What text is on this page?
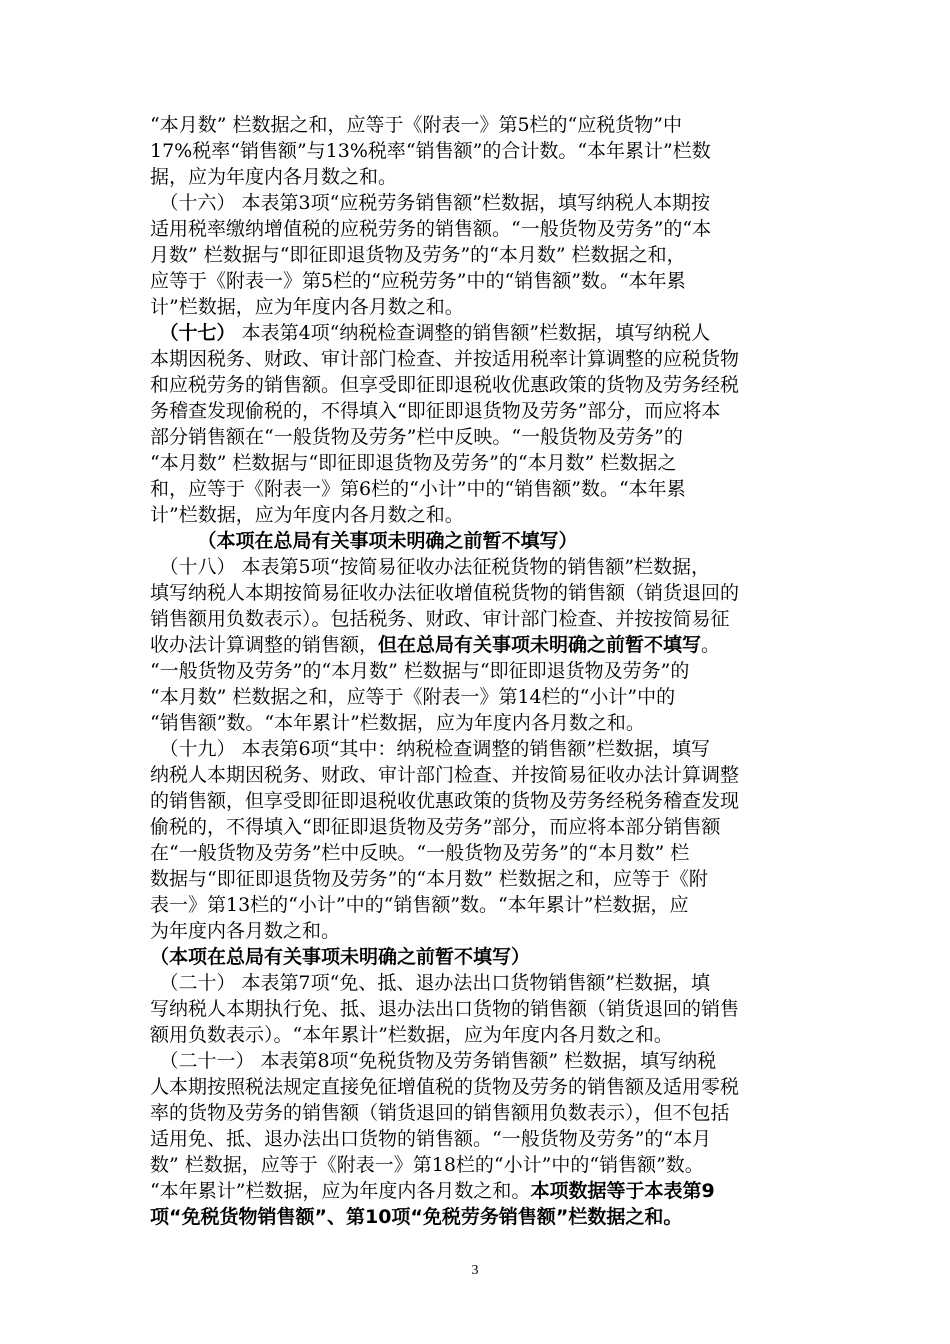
“本月数” 栏数据之和，应等于《附表一》第5栏的“应税货物”中
17%税率“销售额”与13%税率“销售额”的合计数。“本年累计”栏数
据，应为年度内各月数之和。
　（十六） 本表第3项“应税劳务销售额”栏数据，填写纳税人本期按
适用税率缴纳增值税的应税劳务的销售额。“一般货物及劳务”的“本
月数” 栏数据与“即征即退货物及劳务”的“本月数” 栏数据之和，
应等于《附表一》第5栏的“应税劳务”中的“销售额”数。“本年累
计”栏数据，应为年度内各月数之和。
　（十七） 本表第4项“纳税检查调整的销售额”栏数据，填写纳税人
本期因税务、财政、审计部门检查、并按适用税率计算调整的应税货物
和应税劳务的销售额。但享受即征即退税收优惠政策的货物及劳务经税
务稽查发现偷税的，不得填入“即征即退货物及劳务”部分，而应将本
部分销售额在“一般货物及劳务”栏中反映。“一般货物及劳务”的
“本月数” 栏数据与“即征即退货物及劳务”的“本月数” 栏数据之
和，应等于《附表一》第6栏的“小计”中的“销售额”数。“本年累
计”栏数据，应为年度内各月数之和。
　　　（本项在总局有关事项未明确之前暂不填写）
　（十八） 本表第5项“按简易征收办法征税货物的销售额”栏数据，
填写纳税人本期按简易征收办法征收增值税货物的销售额（销货退回的
销售额用负数表示）。包括税务、财政、审计部门检查、并按按简易征
收办法计算调整的销售额，但在总局有关事项未明确之前暂不填写。
“一般货物及劳务”的“本月数” 栏数据与“即征即退货物及劳务”的
“本月数” 栏数据之和，应等于《附表一》第14栏的“小计”中的
“销售额”数。“本年累计”栏数据，应为年度内各月数之和。
　（十九） 本表第6项“其中：纳税检查调整的销售额”栏数据，填写
纳税人本期因税务、财政、审计部门检查、并按简易征收办法计算调整
的销售额，但享受即征即退税收优惠政策的货物及劳务经税务稽查发现
偷税的，不得填入“即征即退货物及劳务”部分，而应将本部分销售额
在“一般货物及劳务”栏中反映。“一般货物及劳务”的“本月数” 栏
数据与“即征即退货物及劳务”的“本月数” 栏数据之和，应等于《附
表一》第13栏的“小计”中的“销售额”数。“本年累计”栏数据，应
为年度内各月数之和。
（本项在总局有关事项未明确之前暂不填写）
　（二十） 本表第7项“免、抵、退办法出口货物销售额”栏数据，填
写纳税人本期执行免、抵、退办法出口货物的销售额（销货退回的销售
额用负数表示）。“本年累计”栏数据，应为年度内各月数之和。
　（二十一） 本表第8项“免税货物及劳务销售额” 栏数据，填写纳税
人本期按照税法规定直接免征增值税的货物及劳务的销售额及适用零税
率的货物及劳务的销售额（销货退回的销售额用负数表示），但不包括
适用免、抵、退办法出口货物的销售额。“一般货物及劳务”的“本月
数” 栏数据，应等于《附表一》第18栏的“小计”中的“销售额”数。
“本年累计”栏数据，应为年度内各月数之和。本项数据等于本表第9
项“免税货物销售额”、第10项“免税劳务销售额”栏数据之和。
3
